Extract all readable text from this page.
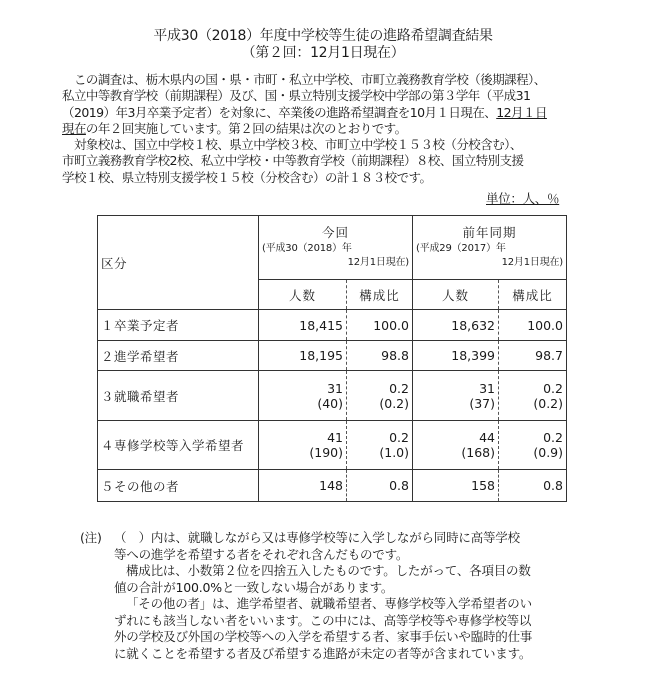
平成30（2018）年度中学校等生徒の進路希望調査結果
（第２回：12月1日現在）
　この調査は、栃木県内の国・県・市町・私立中学校、市町立義務教育学校（後期課程）、
私立中等教育学校（前期課程）及び、国・県立特別支援学校中学部の第３学年（平成31
（2019）年3月卒業予定者）を対象に、卒業後の進路希望調査を10月１日現在、12月１日
現在の年２回実施しています。第２回の結果は次のとおりです。
　対象校は、国立中学校１校、県立中学校３校、市町立中学校１５３校（分校含む）、
市町立義務教育学校2校、私立中学校・中等教育学校（前期課程）８校、国立特別支援
学校１校、県立特別支援学校１５校（分校含む）の計１８３校です。
単位：人、％
区分	今回
(平成30（2018）年
12月1日現在)		前年同期
(平成29（2017）年
12月1日現在)	

	人数	構成比	人数	構成比
１卒業予定者	18,415	100.0	18,632	100.0

２進学希望者	18,195	98.8	18,399	98.7

３就職希望者	31
(40)	0.2
(0.2)	31
(37)	0.2
(0.2)

４専修学校等入学希望者	41
(190)	0.2
(1.0)	44
(168)	0.2
(0.9)

５その他の者	148	0.8	158	0.8
(注) （　）内は、就職しながら又は専修学校等に入学しながら同時に高等学校
等への進学を希望する者をそれぞれ含んだものです。
構成比は、小数第２位を四捨五入したものです。したがって、各項目の数
値の合計が100.0%と一致しない場合があります。
「その他の者」は、進学希望者、就職希望者、専修学校等入学希望者のい
ずれにも該当しない者をいいます。この中には、高等学校等や専修学校等以
外の学校及び外国の学校等への入学を希望する者、家事手伝いや臨時的仕事
に就くことを希望する者及び希望する進路が未定の者等が含まれています。
